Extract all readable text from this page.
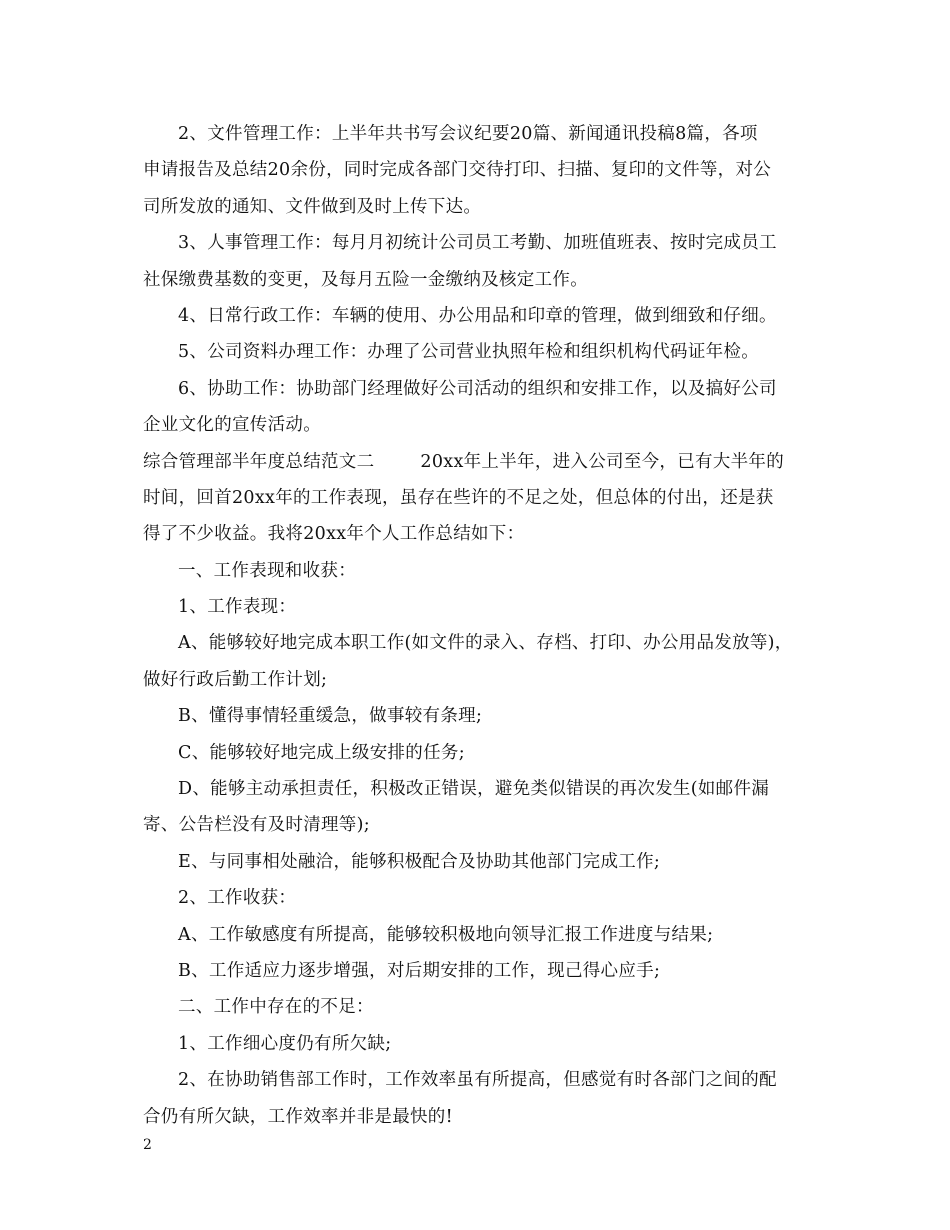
2、文件管理工作：上半年共书写会议纪要20篇、新闻通讯投稿8篇，各项
申请报告及总结20余份，同时完成各部门交待打印、扫描、复印的文件等，对公
司所发放的通知、文件做到及时上传下达。
3、人事管理工作：每月月初统计公司员工考勤、加班值班表、按时完成员工
社保缴费基数的变更，及每月五险一金缴纳及核定工作。
4、日常行政工作：车辆的使用、办公用品和印章的管理，做到细致和仔细。
5、公司资料办理工作：办理了公司营业执照年检和组织机构代码证年检。
6、协助工作：协助部门经理做好公司活动的组织和安排工作，以及搞好公司
企业文化的宣传活动。
综合管理部半年度总结范文二	20xx年上半年，进入公司至今，已有大半年的
时间，回首20xx年的工作表现，虽存在些许的不足之处，但总体的付出，还是获
得了不少收益。我将20xx年个人工作总结如下：
一、工作表现和收获：
1、工作表现：
A、能够较好地完成本职工作(如文件的录入、存档、打印、办公用品发放等)，
做好行政后勤工作计划;
B、懂得事情轻重缓急，做事较有条理;
C、能够较好地完成上级安排的任务;
D、能够主动承担责任，积极改正错误，避免类似错误的再次发生(如邮件漏
寄、公告栏没有及时清理等);
E、与同事相处融洽，能够积极配合及协助其他部门完成工作;
2、工作收获：
A、工作敏感度有所提高，能够较积极地向领导汇报工作进度与结果;
B、工作适应力逐步增强，对后期安排的工作，现己得心应手;
二、工作中存在的不足：
1、工作细心度仍有所欠缺;
2、在协助销售部工作时，工作效率虽有所提高，但感觉有时各部门之间的配
合仍有所欠缺，工作效率并非是最快的!
2
